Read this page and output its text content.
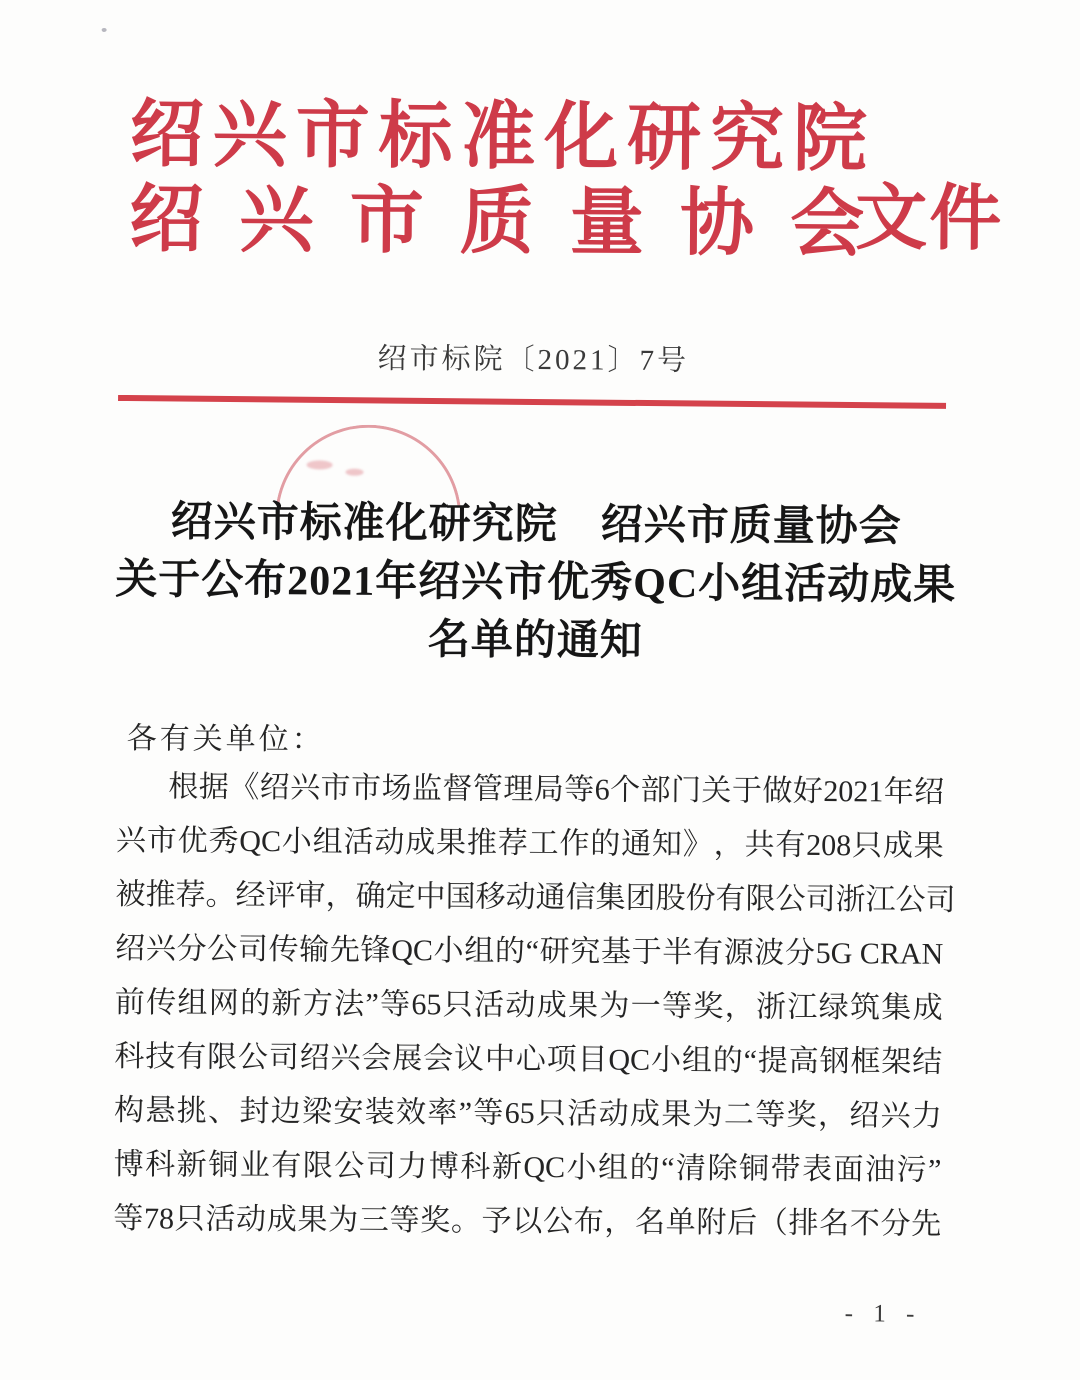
绍 兴 市 标 准 化 研 究 院
绍 兴 市 质 量 协 会
文件
绍市标院〔2021〕7号
绍兴市标准化研究院　绍兴市质量协会
关于公布2021年绍兴市优秀QC小组活动成果
名单的通知
各有关单位：
根 据 《 绍 兴 市 市 场 监 督 管 理 局 等 6 个 部 门 关 于 做 好 2021 年 绍
兴 市 优 秀 QC 小 组 活 动 成 果 推 荐 工 作 的 通 知 》 ， 共 有 208 只 成 果
被 推 荐 。 经 评 审 ， 确 定 中 国 移 动 通 信 集 团 股 份 有 限 公 司 浙 江 公 司
绍 兴 分 公 司 传 输 先 锋 QC 小 组 的 “ 研 究 基 于 半 有 源 波 分 5G CRAN
前 传 组 网 的 新 方 法 ” 等 65 只 活 动 成 果 为 一 等 奖 ， 浙 江 绿 筑 集 成
科 技 有 限 公 司 绍 兴 会 展 会 议 中 心 项 目 QC 小 组 的 “ 提 高 钢 框 架 结
构 悬 挑 、 封 边 梁 安 装 效 率 ” 等 65 只 活 动 成 果 为 二 等 奖 ， 绍 兴 力
博 科 新 铜 业 有 限 公 司 力 博 科 新 QC 小 组 的 “ 清 除 铜 带 表 面 油 污 ”
等 78 只 活 动 成 果 为 三 等 奖 。 予 以 公 布 ， 名 单 附 后 （ 排 名 不 分 先
- 1 -
